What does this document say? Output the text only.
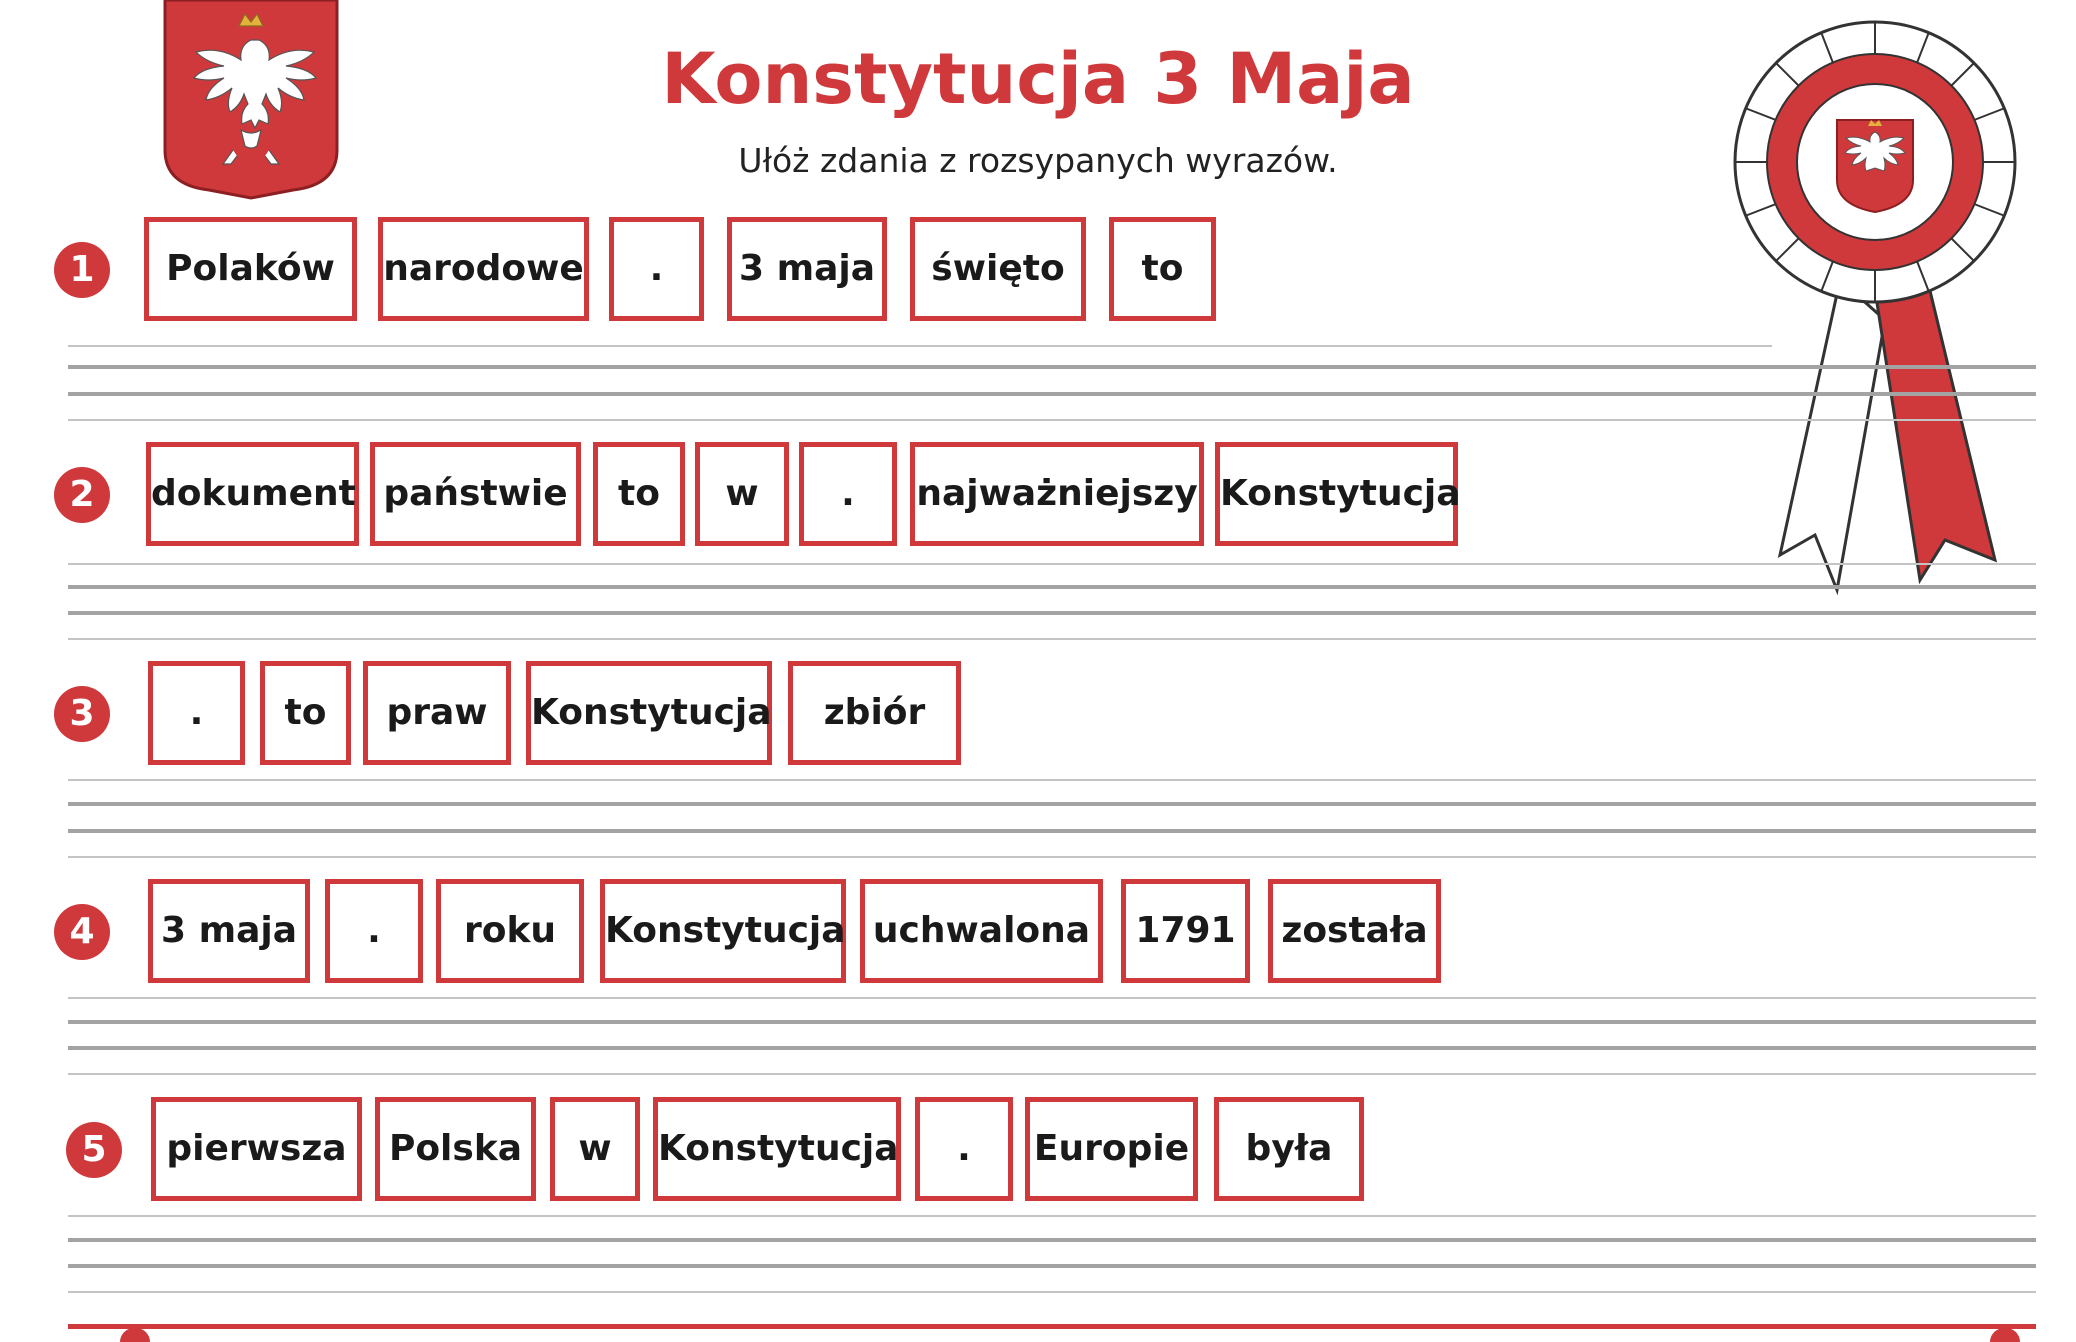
Konstytucja 3 Maja
Ułóż zdania z rozsypanych wyrazów.
1	Polaków	narodowe	.	3 maja	święto	to
2	dokument państwie	to	w	.	najważniejszy Konstytucja
3	.	to	praw	Konstytucja	zbiór
4	3 maja	.	roku	Konstytucja uchwalona	1791	została
5	pierwsza	Polska	w	Konstytucja	.	Europie	była
